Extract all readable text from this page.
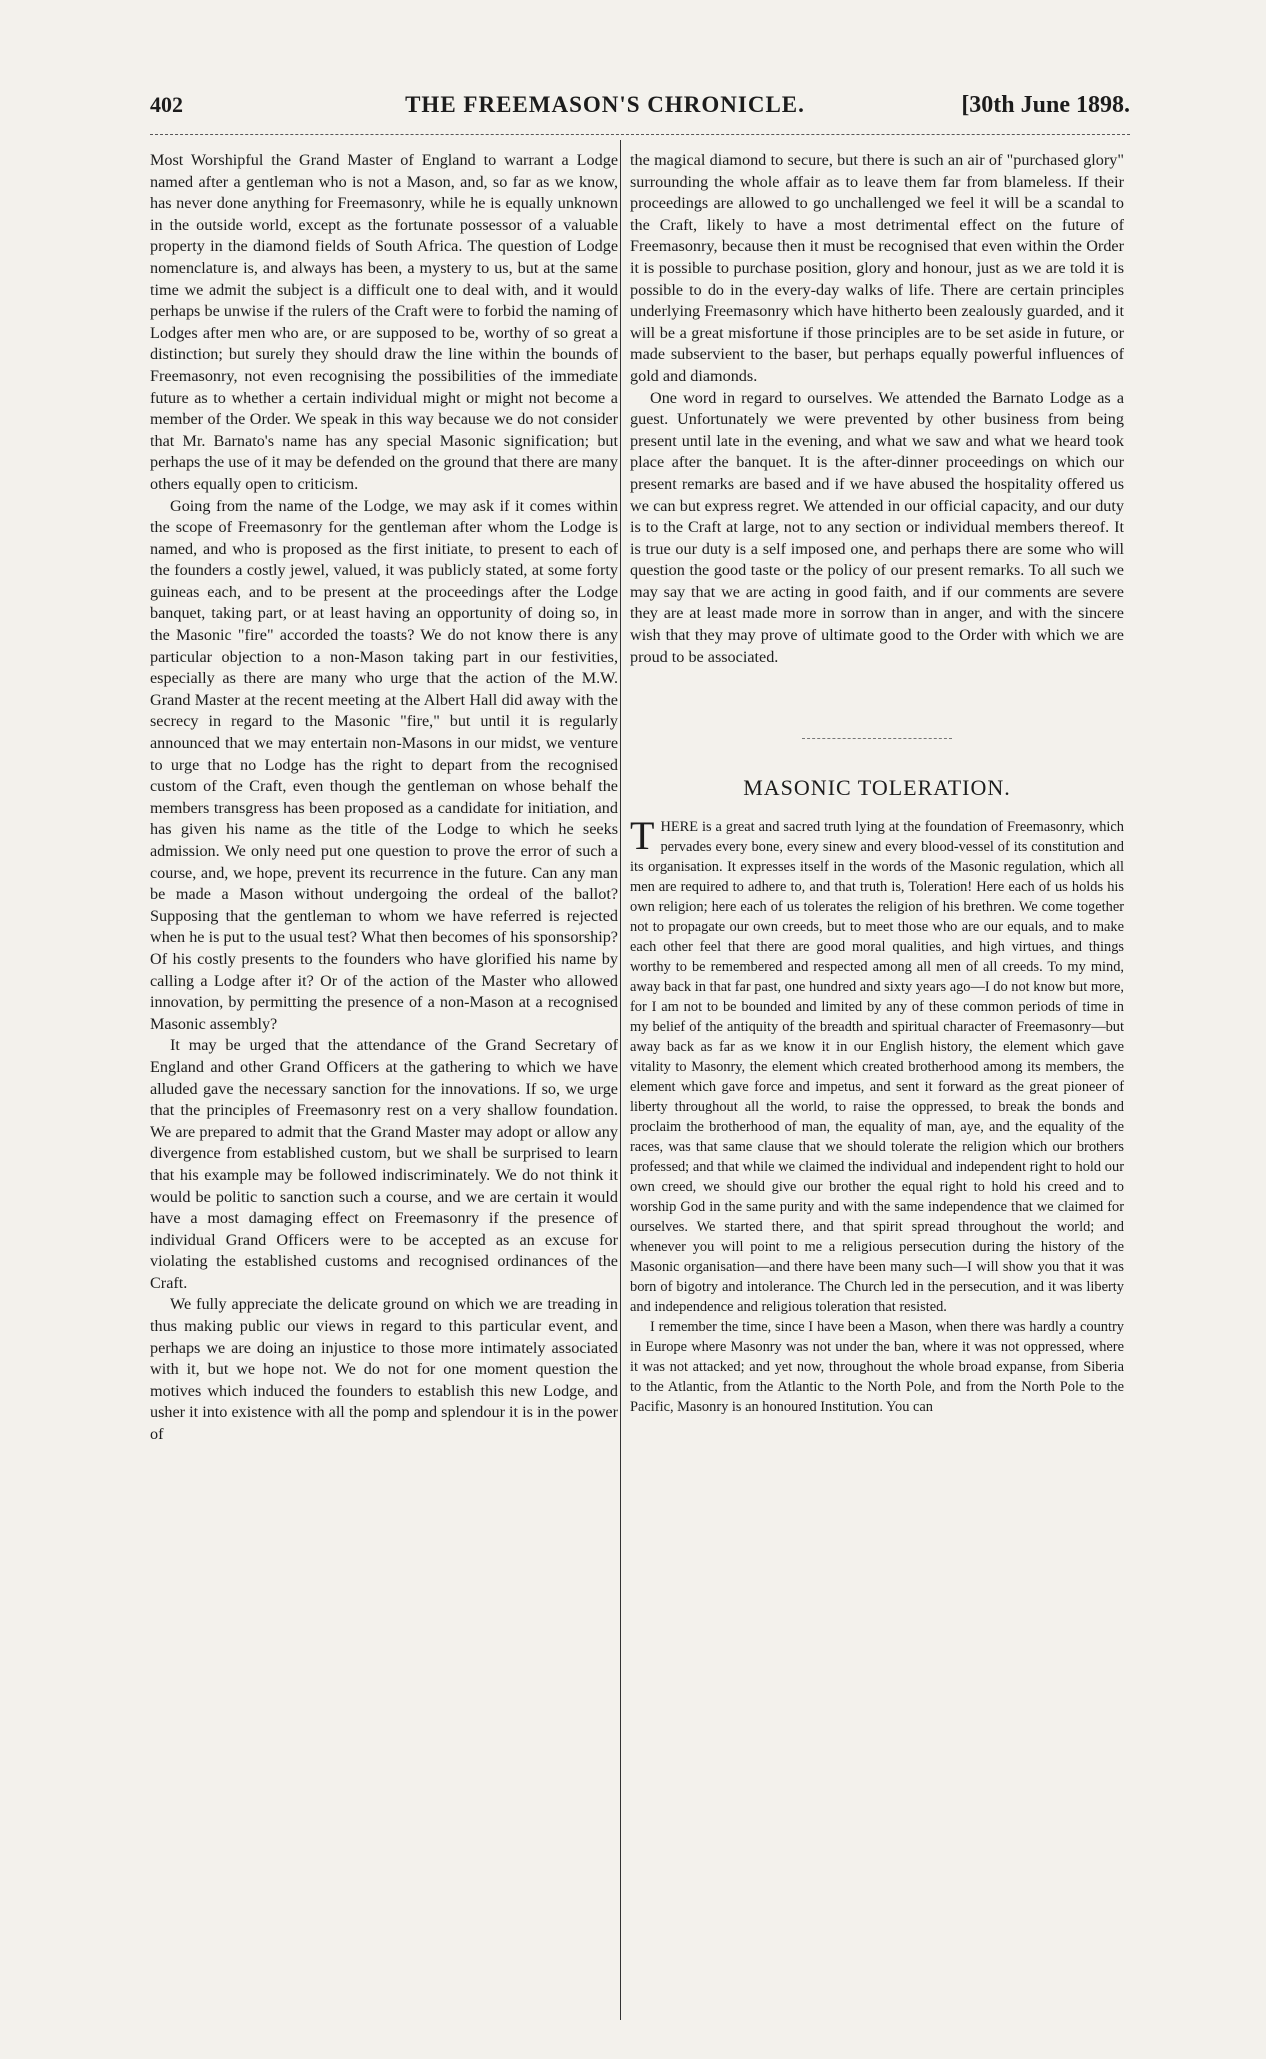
402	THE FREEMASON'S CHRONICLE.	[30th June 1898.

Most Worshipful the Grand Master of England to warrant a Lodge named after a gentleman who is not a Mason, and, so far as we know, has never done anything for Freemasonry, while he is equally unknown in the outside world, except as the fortunate possessor of a valuable property in the diamond fields of South Africa. The question of Lodge nomenclature is, and always has been, a mystery to us, but at the same time we admit the subject is a difficult one to deal with, and it would perhaps be unwise if the rulers of the Craft were to forbid the naming of Lodges after men who are, or are supposed to be, worthy of so great a distinction; but surely they should draw the line within the bounds of Freemasonry, not even recognising the possibilities of the immediate future as to whether a certain individual might or might not become a member of the Order. We speak in this way because we do not consider that Mr. Barnato's name has any special Masonic signification; but perhaps the use of it may be defended on the ground that there are many others equally open to criticism.

Going from the name of the Lodge, we may ask if it comes within the scope of Freemasonry for the gentleman after whom the Lodge is named, and who is proposed as the first initiate, to present to each of the founders a costly jewel, valued, it was publicly stated, at some forty guineas each, and to be present at the proceedings after the Lodge banquet, taking part, or at least having an opportunity of doing so, in the Masonic "fire" accorded the toasts? We do not know there is any particular objection to a non-Mason taking part in our festivities, especially as there are many who urge that the action of the M.W. Grand Master at the recent meeting at the Albert Hall did away with the secrecy in regard to the Masonic "fire," but until it is regularly announced that we may entertain non-Masons in our midst, we venture to urge that no Lodge has the right to depart from the recognised custom of the Craft, even though the gentleman on whose behalf the members transgress has been proposed as a candidate for initiation, and has given his name as the title of the Lodge to which he seeks admission. We only need put one question to prove the error of such a course, and, we hope, prevent its recurrence in the future. Can any man be made a Mason without undergoing the ordeal of the ballot? Supposing that the gentleman to whom we have referred is rejected when he is put to the usual test? What then becomes of his sponsorship? Of his costly presents to the founders who have glorified his name by calling a Lodge after it? Or of the action of the Master who allowed innovation, by permitting the presence of a non-Mason at a recognised Masonic assembly?

It may be urged that the attendance of the Grand Secretary of England and other Grand Officers at the gathering to which we have alluded gave the necessary sanction for the innovations. If so, we urge that the principles of Freemasonry rest on a very shallow foundation. We are prepared to admit that the Grand Master may adopt or allow any divergence from established custom, but we shall be surprised to learn that his example may be followed indiscriminately. We do not think it would be politic to sanction such a course, and we are certain it would have a most damaging effect on Freemasonry if the presence of individual Grand Officers were to be accepted as an excuse for violating the established customs and recognised ordinances of the Craft.

We fully appreciate the delicate ground on which we are treading in thus making public our views in regard to this particular event, and perhaps we are doing an injustice to those more intimately associated with it, but we hope not. We do not for one moment question the motives which induced the founders to establish this new Lodge, and usher it into existence with all the pomp and splendour it is in the power of

the magical diamond to secure, but there is such an air of "purchased glory" surrounding the whole affair as to leave them far from blameless. If their proceedings are allowed to go unchallenged we feel it will be a scandal to the Craft, likely to have a most detrimental effect on the future of Freemasonry, because then it must be recognised that even within the Order it is possible to purchase position, glory and honour, just as we are told it is possible to do in the every-day walks of life. There are certain principles underlying Freemasonry which have hitherto been zealously guarded, and it will be a great misfortune if those principles are to be set aside in future, or made subservient to the baser, but perhaps equally powerful influences of gold and diamonds.

One word in regard to ourselves. We attended the Barnato Lodge as a guest. Unfortunately we were prevented by other business from being present until late in the evening, and what we saw and what we heard took place after the banquet. It is the after-dinner proceedings on which our present remarks are based and if we have abused the hospitality offered us we can but express regret. We attended in our official capacity, and our duty is to the Craft at large, not to any section or individual members thereof. It is true our duty is a self imposed one, and perhaps there are some who will question the good taste or the policy of our present remarks. To all such we may say that we are acting in good faith, and if our comments are severe they are at least made more in sorrow than in anger, and with the sincere wish that they may prove of ultimate good to the Order with which we are proud to be associated.

MASONIC TOLERATION.

THERE is a great and sacred truth lying at the foundation of Freemasonry, which pervades every bone, every sinew and every blood-vessel of its constitution and its organisation. It expresses itself in the words of the Masonic regulation, which all men are required to adhere to, and that truth is, Toleration! Here each of us holds his own religion; here each of us tolerates the religion of his brethren. We come together not to propagate our own creeds, but to meet those who are our equals, and to make each other feel that there are good moral qualities, and high virtues, and things worthy to be remembered and respected among all men of all creeds. To my mind, away back in that far past, one hundred and sixty years ago—I do not know but more, for I am not to be bounded and limited by any of these common periods of time in my belief of the antiquity of the breadth and spiritual character of Freemasonry—but away back as far as we know it in our English history, the element which gave vitality to Masonry, the element which created brotherhood among its members, the element which gave force and impetus, and sent it forward as the great pioneer of liberty throughout all the world, to raise the oppressed, to break the bonds and proclaim the brotherhood of man, the equality of man, aye, and the equality of the races, was that same clause that we should tolerate the religion which our brothers professed; and that while we claimed the individual and independent right to hold our own creed, we should give our brother the equal right to hold his creed and to worship God in the same purity and with the same independence that we claimed for ourselves. We started there, and that spirit spread throughout the world; and whenever you will point to me a religious persecution during the history of the Masonic organisation—and there have been many such—I will show you that it was born of bigotry and intolerance. The Church led in the persecution, and it was liberty and independence and religious toleration that resisted.

I remember the time, since I have been a Mason, when there was hardly a country in Europe where Masonry was not under the ban, where it was not oppressed, where it was not attacked; and yet now, throughout the whole broad expanse, from Siberia to the Atlantic, from the Atlantic to the North Pole, and from the North Pole to the Pacific, Masonry is an honoured Institution. You can
